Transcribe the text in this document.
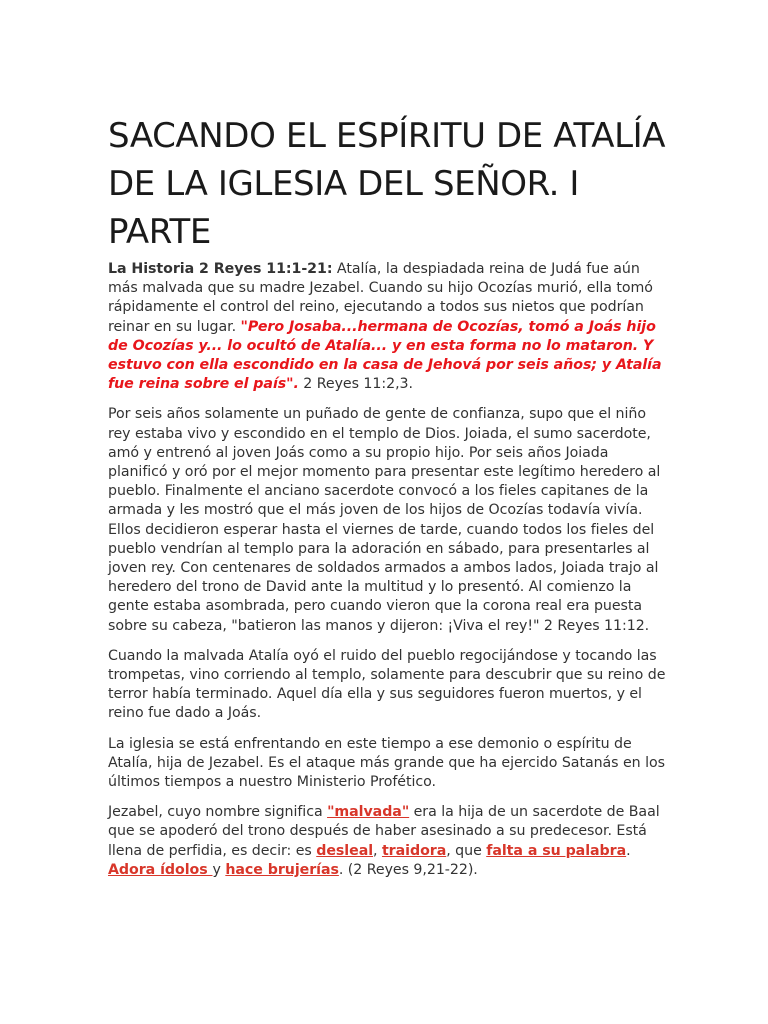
SACANDO EL ESPÍRITU DE ATALÍA
DE LA IGLESIA DEL SEÑOR. I PARTE

La Historia 2 Reyes 11:1-21: Atalía, la despiadada reina de Judá fue aún más malvada que su madre Jezabel. Cuando su hijo Ocozías murió, ella tomó rápidamente el control del reino, ejecutando a todos sus nietos que podrían reinar en su lugar. "Pero Josaba...hermana de Ocozías, tomó a Joás hijo de Ocozías y... lo ocultó de Atalía... y en esta forma no lo mataron. Y estuvo con ella escondido en la casa de Jehová por seis años; y Atalía fue reina sobre el país". 2 Reyes 11:2,3.

Por seis años solamente un puñado de gente de confianza, supo que el niño rey estaba vivo y escondido en el templo de Dios. Joiada, el sumo sacerdote, amó y entrenó al joven Joás como a su propio hijo. Por seis años Joiada planificó y oró por el mejor momento para presentar este legítimo heredero al pueblo. Finalmente el anciano sacerdote convocó a los fieles capitanes de la armada y les mostró que el más joven de los hijos de Ocozías todavía vivía. Ellos decidieron esperar hasta el viernes de tarde, cuando todos los fieles del pueblo vendrían al templo para la adoración en sábado, para presentarles al joven rey. Con centenares de soldados armados a ambos lados, Joiada trajo al heredero del trono de David ante la multitud y lo presentó. Al comienzo la gente estaba asombrada, pero cuando vieron que la corona real era puesta sobre su cabeza, "batieron las manos y dijeron: ¡Viva el rey!" 2 Reyes 11:12.

Cuando la malvada Atalía oyó el ruido del pueblo regocijándose y tocando las trompetas, vino corriendo al templo, solamente para descubrir que su reino de terror había terminado. Aquel día ella y sus seguidores fueron muertos, y el reino fue dado a Joás.

La iglesia se está enfrentando en este tiempo a ese demonio o espíritu de Atalía, hija de Jezabel. Es el ataque más grande que ha ejercido Satanás en los últimos tiempos a nuestro Ministerio Profético.

Jezabel, cuyo nombre significa "malvada" era la hija de un sacerdote de Baal que se apoderó del trono después de haber asesinado a su predecesor. Está llena de perfidia, es decir: es desleal, traidora, que falta a su palabra. Adora ídolos y hace brujerías. (2 Reyes 9,21-22).
